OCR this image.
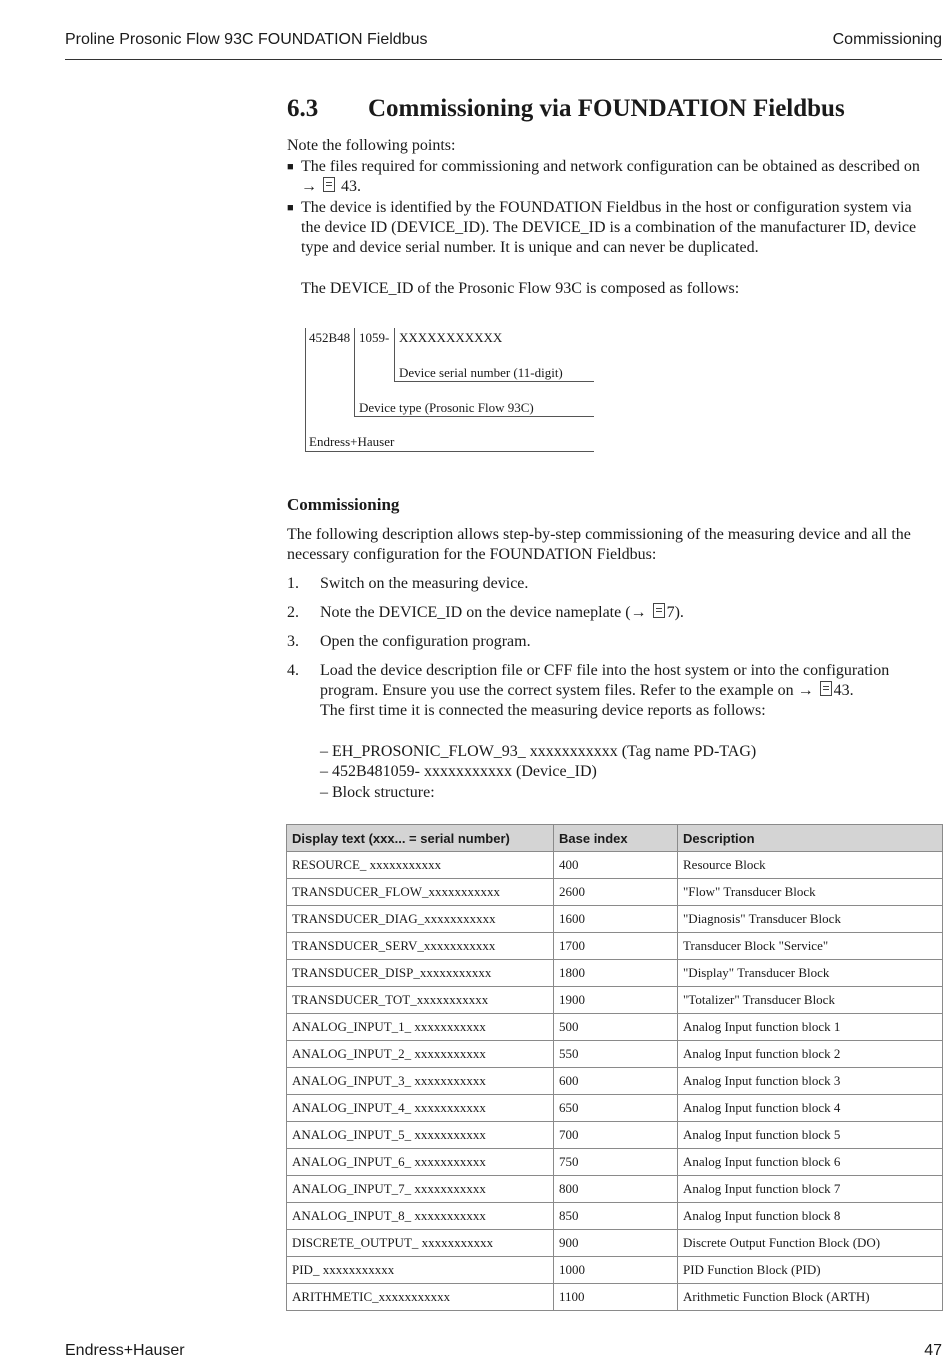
Proline Prosonic Flow 93C FOUNDATION Fieldbus	Commissioning
6.3 Commissioning via FOUNDATION Fieldbus
Note the following points:
■ The files required for commissioning and network configuration can be obtained as described on
→ 43.
■ The device is identified by the FOUNDATION Fieldbus in the host or configuration system via
the device ID (DEVICE_ID). The DEVICE_ID is a combination of the manufacturer ID, device
type and device serial number. It is unique and can never be duplicated.
The DEVICE_ID of the Prosonic Flow 93C is composed as follows:
452B48 1059- XXXXXXXXXXX
Device serial number (11-digit)
Device type (Prosonic Flow 93C)
Endress+Hauser
Commissioning
The following description allows step-by-step commissioning of the measuring device and all the
necessary configuration for the FOUNDATION Fieldbus:
1. Switch on the measuring device.
2. Note the DEVICE_ID on the device nameplate (→ 7).
3. Open the configuration program.
4. Load the device description file or CFF file into the host system or into the configuration
program. Ensure you use the correct system files. Refer to the example on → 43.
The first time it is connected the measuring device reports as follows:
– EH_PROSONIC_FLOW_93_ xxxxxxxxxxx (Tag name PD-TAG)
– 452B481059- xxxxxxxxxxx (Device_ID)
– Block structure:
Display text (xxx... = serial number)	Base index	Description
RESOURCE_ xxxxxxxxxxx	400	Resource Block
TRANSDUCER_FLOW_xxxxxxxxxxx	2600	"Flow" Transducer Block
TRANSDUCER_DIAG_xxxxxxxxxxx	1600	"Diagnosis" Transducer Block
TRANSDUCER_SERV_xxxxxxxxxxx	1700	Transducer Block "Service"
TRANSDUCER_DISP_xxxxxxxxxxx	1800	"Display" Transducer Block
TRANSDUCER_TOT_xxxxxxxxxxx	1900	"Totalizer" Transducer Block
ANALOG_INPUT_1_ xxxxxxxxxxx	500	Analog Input function block 1
ANALOG_INPUT_2_ xxxxxxxxxxx	550	Analog Input function block 2
ANALOG_INPUT_3_ xxxxxxxxxxx	600	Analog Input function block 3
ANALOG_INPUT_4_ xxxxxxxxxxx	650	Analog Input function block 4
ANALOG_INPUT_5_ xxxxxxxxxxx	700	Analog Input function block 5
ANALOG_INPUT_6_ xxxxxxxxxxx	750	Analog Input function block 6
ANALOG_INPUT_7_ xxxxxxxxxxx	800	Analog Input function block 7
ANALOG_INPUT_8_ xxxxxxxxxxx	850	Analog Input function block 8
DISCRETE_OUTPUT_ xxxxxxxxxxx	900	Discrete Output Function Block (DO)
PID_ xxxxxxxxxxx	1000	PID Function Block (PID)
ARITHMETIC_xxxxxxxxxxx	1100	Arithmetic Function Block (ARTH)
Endress+Hauser	47
